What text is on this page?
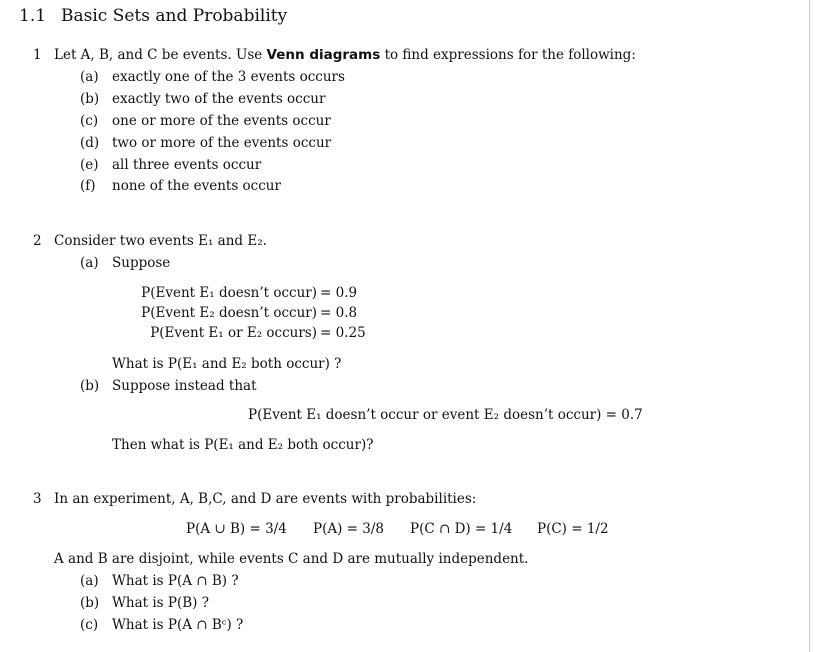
1.1 Basic Sets and Probability
1 Let A, B, and C be events. Use Venn diagrams to find expressions for the following:
(a) exactly one of the 3 events occurs
(b) exactly two of the events occur
(c) one or more of the events occur
(d) two or more of the events occur
(e) all three events occur
(f) none of the events occur
2 Consider two events E₁ and E₂.
(a) Suppose
P(Event E₁ doesn’t occur) = 0.9
P(Event E₂ doesn’t occur) = 0.8
P(Event E₁ or E₂ occurs) = 0.25
What is P(E₁ and E₂ both occur) ?
(b) Suppose instead that
P(Event E₁ doesn’t occur or event E₂ doesn’t occur) = 0.7
Then what is P(E₁ and E₂ both occur)?
3 In an experiment, A, B,C, and D are events with probabilities:
P(A ∪ B) = 3/4 P(A) = 3/8 P(C ∩ D) = 1/4 P(C) = 1/2
A and B are disjoint, while events C and D are mutually independent.
(a) What is P(A ∩ B) ?
(b) What is P(B) ?
(c) What is P(A ∩ Bᶜ) ?
